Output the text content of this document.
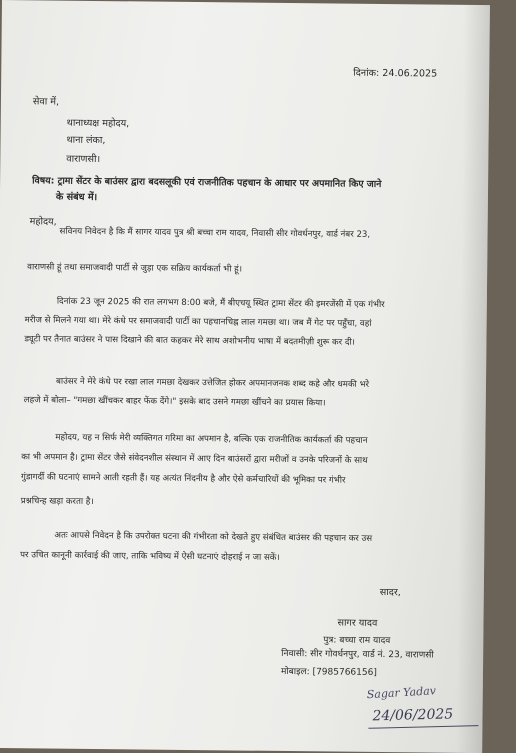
दिनांक: 24.06.2025
सेवा में,
थानाध्यक्ष महोदय,
थाना लंका,
वाराणसी।
विषय: ट्रामा सेंटर के बाउंसर द्वारा बदसलूकी एवं राजनीतिक पहचान के आधार पर अपमानित किए जाने
के संबंध में।
महोदय,
सविनय निवेदन है कि मैं सागर यादव पुत्र श्री बच्चा राम यादव, निवासी सीर गोवर्धनपुर, वार्ड नंबर 23,
वाराणसी हूं तथा समाजवादी पार्टी से जुड़ा एक सक्रिय कार्यकर्ता भी हूं।
दिनांक 23 जून 2025 की रात लगभग 8:00 बजे, मैं बीएचयू स्थित ट्रामा सेंटर की इमरजेंसी में एक गंभीर
मरीज से मिलने गया था। मेरे कंधे पर समाजवादी पार्टी का पहचानचिह्न लाल गमछा था। जब मैं गेट पर पहुँचा, वहां
ड्यूटी पर तैनात बाउंसर ने पास दिखाने की बात कहकर मेरे साथ अशोभनीय भाषा में बदतमीज़ी शुरू कर दी।
बाउंसर ने मेरे कंधे पर रखा लाल गमछा देखकर उत्तेजित होकर अपमानजनक शब्द कहे और धमकी भरे
लहजे में बोला– "गमछा खींचकर बाहर फेंक देंगे।" इसके बाद उसने गमछा खींचने का प्रयास किया।
महोदय, यह न सिर्फ मेरी व्यक्तिगत गरिमा का अपमान है, बल्कि एक राजनीतिक कार्यकर्ता की पहचान
का भी अपमान है। ट्रामा सेंटर जैसे संवेदनशील संस्थान में आए दिन बाउंसरों द्वारा मरीजों व उनके परिजनों के साथ
गुंडागर्दी की घटनाएं सामने आती रहती हैं। यह अत्यंत निंदनीय है और ऐसे कर्मचारियों की भूमिका पर गंभीर
प्रश्नचिन्ह खड़ा करता है।
अतः आपसे निवेदन है कि उपरोक्त घटना की गंभीरता को देखते हुए संबंधित बाउंसर की पहचान कर उस
पर उचित कानूनी कार्रवाई की जाए, ताकि भविष्य में ऐसी घटनाएं दोहराई न जा सकें।
सादर,
सागर यादव
पुत्र: बच्चा राम यादव
निवासी: सीर गोवर्धनपुर, वार्ड नं. 23, वाराणसी
मोबाइल: [7985766156]
Sagar Yadav
24/06/2025
